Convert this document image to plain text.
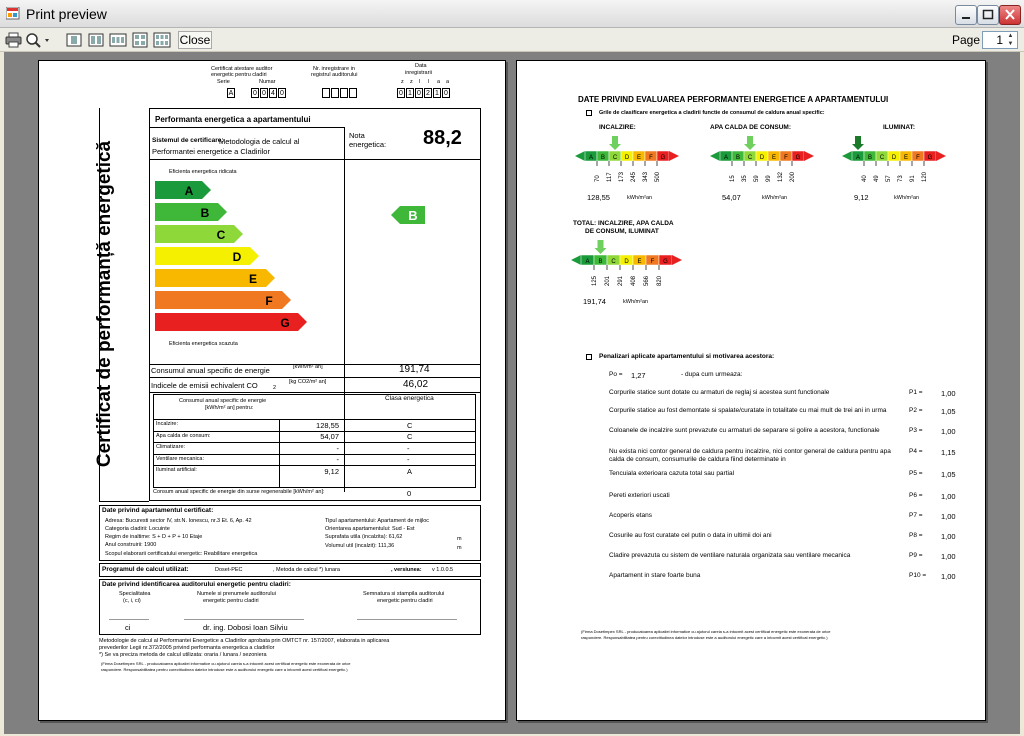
Print preview
Close	Page	1 ▲
▼
Certificat atestare auditor
energetic pentru cladiri
Serie	Numar
A	0 0 4 0
Nr. inregistrare in
registrul auditorului
Data
inregistrarii
z z l l a a
0 1 0 2 1 0
Certificat de performanță energetică
Performanta energetica a apartamentului
Sistemul de certificare:
Metodologia de calcul al
Performantei energetice a Cladirilor
Nota
energetica: 88,2
Eficienta energetica ridicata
A
B
C
D
E
F
G
Eficienta energetica scazuta
B
Consumul anual specific de energie	[kWh/m² an]	191,74
Indicele de emisii echivalent CO	2
[kg CO2/m² an]	46,02
Consumul anual specific de energie
[kWh/m² an] pentru:
Clasa energetica
Incalzire:	128,55	C
Apa calda de consum:	54,07	C
Climatizare:	-	-
Ventilare mecanica:	-	-
Iluminat artificial:	9,12	A
Consum anual specific de energie din surse regenerabile [kWh/m² an]:	0
Date privind apartamentul certificat:
Adresa: Bucuresti sector IV, str.N. Ionescu, nr.3 Et. 6, Ap. 42
Categoria cladirii: Locuinte
Regim de inaltime: S + D + P + 10 Etaje
Anul construirii: 1900
Scopul elaborarii certificatului energetic: Reabilitare energetica
Tipul apartamentului: Apartament de mijloc
Orientarea apartamentului: Sud - Est
Suprafata utila (incalzita): 61,62	m
Volumul util (incalzit): 111,36	m
Programul de calcul utilizat:	Doset-PEC	, Metoda de calcul *) lunara	, versiunea: v 1.0.0.5
Date privind identificarea auditorului energetic pentru cladiri:
Specialitatea
(c, i, ci)
Numele si prenumele auditorului
energetic pentru cladiri
Semnatura si stampila auditorului
energetic pentru cladiri
ci	dr. ing. Dobosi Ioan Silviu
Metodologie de calcul al Performantei Energetice a Cladirilor aprobata prin OMTCT nr. 157/2007, elaborata in aplicarea
prevederilor Legii nr.372/2005 privind performanta energetica a cladirilor
*) Se va preciza metoda de calcul utilizata: oraria / lunara / sezoniera
(Firma Dosetimpex SRL - producatoarea aplicatiei informatice cu ajutorul careia s-a intocmit acest certificat energetic este exonerata de orice
raspundere. Responsabilitatea pentru corectitudinea datelor introduse este a auditorului energetic care a intocmit acest certificat energetic.)
DATE PRIVIND EVALUAREA PERFORMANTEI ENERGETICE A APARTAMENTULUI
Grile de clasificare energetica a cladirii functie de consumul de caldura anual specific:
INCALZIRE:
A B C D E F G
70 117 173 245 343 500
128,55	kWh/m²an
APA CALDA DE CONSUM:
A B C D E F G
15 35 59 99 132 200
54,07	kWh/m²an
ILUMINAT:
A B C D E F G
40 49 57 73 91 120
9,12	kWh/m²an
TOTAL: INCALZIRE, APA CALDA
DE CONSUM, ILUMINAT
A B C D E F G
125 201 291 408 566 820
191,74	kWh/m²an
Penalizari aplicate apartamentului si motivarea acestora:
Po = 1,27	- dupa cum urmeaza:
Corpurile statice sunt dotate cu armaturi de reglaj si acestea sunt functionale	P1 = 1,00
Corpurile statice au fost demontate si spalate/curatate in totalitate cu mai mult de trei ani in urma	P2 = 1,05
Coloanele de incalzire sunt prevazute cu armaturi de separare si golire a acestora, functionale	P3 = 1,00
Nu exista nici contor general de caldura pentru incalzire, nici contor general de caldura pentru apa calda de consum, consumurile de caldura fiind determinate in
P4 = 1,15
Tencuiala exterioara cazuta total sau partial	P5 = 1,05
Pereti exteriori uscati	P6 = 1,00
Acoperis etans	P7 = 1,00
Cosurile au fost curatate cel putin o data in ultimii doi ani	P8 = 1,00
Cladire prevazuta cu sistem de ventilare naturala organizata sau ventilare mecanica	P9 = 1,00
Apartament in stare foarte buna	P10 = 1,00
(Firma Dosetimpex SRL - producatoarea aplicatiei informatice cu ajutorul careia s-a intocmit acest certificat energetic este exonerata de orice
raspundere. Responsabilitatea pentru corectitudinea datelor introduse este a auditorului energetic care a intocmit acest certificat energetic.)
